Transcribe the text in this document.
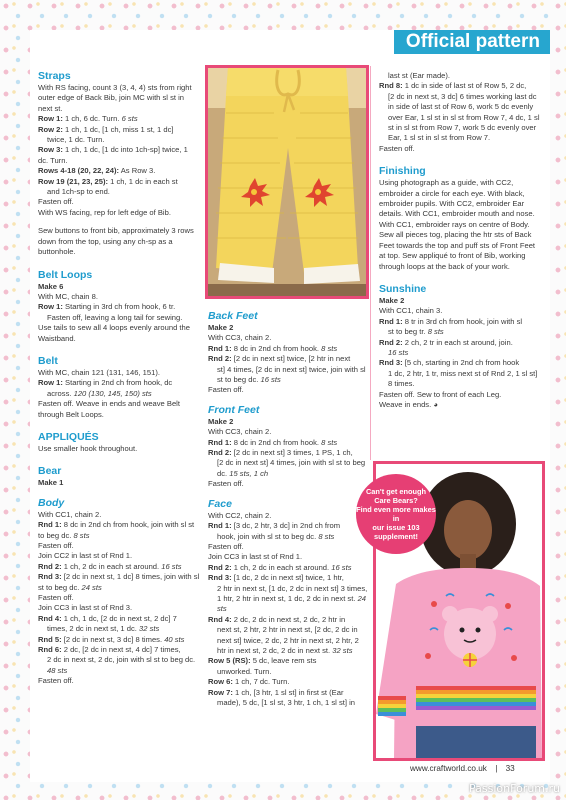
Official pattern

Straps

With RS facing, count 3 (3, 4, 4) sts from right outer edge of Back Bib, join MC with sl st in next st.

Row 1: 1 ch, 6 dc. Turn. 6 sts

Row 2: 1 ch, 1 dc, [1 ch, miss 1 st, 1 dc]

twice, 1 dc. Turn.

Row 3: 1 ch, 1 dc, [1 dc into 1ch-sp] twice, 1 dc. Turn.

Rows 4-18 (20, 22, 24): As Row 3.

Row 19 (21, 23, 25): 1 ch, 1 dc in each st

and 1ch-sp to end.

Fasten off.

With WS facing, rep for left edge of Bib.

Sew buttons to front bib, approximately 3 rows down from the top, using any ch-sp as a buttonhole.

Belt Loops

Make 6

With MC, chain 8.

Row 1: Starting in 3rd ch from hook, 6 tr.

Fasten off, leaving a long tail for sewing.

Use tails to sew all 4 loops evenly around the Waistband.

Belt

With MC, chain 121 (131, 146, 151).

Row 1: Starting in 2nd ch from hook, dc

across. 120 (130, 145, 150) sts

Fasten off. Weave in ends and weave Belt through Belt Loops.

APPLIQUÉS

Use smaller hook throughout.

Bear

Make 1

Body

With CC1, chain 2.

Rnd 1: 8 dc in 2nd ch from hook, join with sl st to beg dc. 8 sts

Fasten off.

Join CC2 in last st of Rnd 1.

Rnd 2: 1 ch, 2 dc in each st around. 16 sts

Rnd 3: [2 dc in next st, 1 dc] 8 times, join with sl st to beg dc. 24 sts

Fasten off.

Join CC3 in last st of Rnd 3.

Rnd 4: 1 ch, 1 dc, [2 dc in next st, 2 dc] 7

times, 2 dc in next st, 1 dc. 32 sts

Rnd 5: [2 dc in next st, 3 dc] 8 times. 40 sts

Rnd 6: 2 dc, [2 dc in next st, 4 dc] 7 times,

2 dc in next st, 2 dc, join with sl st to beg dc. 48 sts

Fasten off.

Back Feet

Make 2

With CC3, chain 2.

Rnd 1: 8 dc in 2nd ch from hook. 8 sts

Rnd 2: [2 dc in next st] twice, [2 htr in next

st] 4 times, [2 dc in next st] twice, join with sl st to beg dc. 16 sts

Fasten off.

Front Feet

Make 2

With CC3, chain 2.

Rnd 1: 8 dc in 2nd ch from hook. 8 sts

Rnd 2: [2 dc in next st] 3 times, 1 PS, 1 ch,

[2 dc in next st] 4 times, join with sl st to beg dc. 15 sts, 1 ch

Fasten off.

Face

With CC2, chain 2.

Rnd 1: [3 dc, 2 htr, 3 dc] in 2nd ch from

hook, join with sl st to beg dc. 8 sts

Fasten off.

Join CC3 in last st of Rnd 1.

Rnd 2: 1 ch, 2 dc in each st around. 16 sts

Rnd 3: [1 dc, 2 dc in next st] twice, 1 htr,

2 htr in next st, [1 dc, 2 dc in next st] 3 times, 1 htr, 2 htr in next st, 1 dc, 2 dc in next st. 24 sts

Rnd 4: 2 dc, 2 dc in next st, 2 dc, 2 htr in

next st, 2 htr, 2 htr in next st, [2 dc, 2 dc in next st] twice, 2 dc, 2 htr in next st, 2 htr, 2 htr in next st, 2 dc, 2 dc in next st. 32 sts

Row 5 (RS): 5 dc, leave rem sts

unworked. Turn.

Row 6: 1 ch, 7 dc. Turn.

Row 7: 1 ch, [3 htr, 1 sl st] in first st (Ear

made), 5 dc, [1 sl st, 3 htr, 1 ch, 1 sl st] in

last st (Ear made).

Rnd 8: 1 dc in side of last st of Row 5, 2 dc,

[2 dc in next st, 3 dc] 6 times working last dc in side of last st of Row 6, work 5 dc evenly over Ear, 1 sl st in sl st from Row 7, 4 dc, 1 sl st in sl st from Row 7, work 5 dc evenly over Ear, 1 sl st in sl st from Row 7.

Fasten off.

Finishing

Using photograph as a guide, with CC2, embroider a circle for each eye. With black, embroider pupils. With CC2, embroider Ear details. With CC1, embroider mouth and nose. With CC1, embroider rays on centre of Body. Sew all pieces tog, placing the htr sts of Back Feet towards the top and puff sts of Front Feet at top. Sew appliqué to front of Bib, working through loops at the back of your work.

Sunshine

Make 2

With CC1, chain 3.

Rnd 1: 8 tr in 3rd ch from hook, join with sl

st to beg tr. 8 sts

Rnd 2: 2 ch, 2 tr in each st around, join.

16 sts

Rnd 3: [5 ch, starting in 2nd ch from hook

1 dc, 2 htr, 1 tr, miss next st of Rnd 2, 1 sl st] 8 times.

Fasten off. Sew to front of each Leg.

Weave in ends. ◕

Can't get enough
Care Bears?
Find even more makes in
our issue 103
supplement!
www.craftworld.co.uk | 33
PassionForum.ru
